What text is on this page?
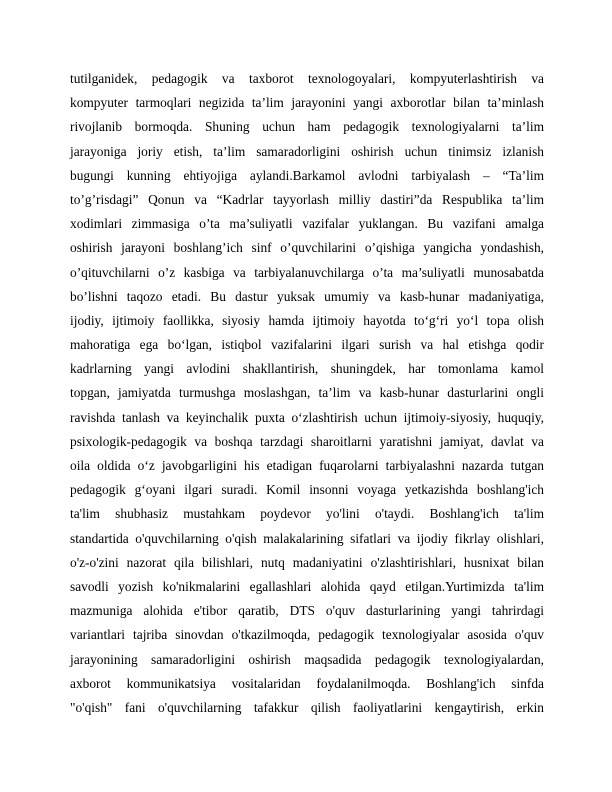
tutilganidek, pedagogik va taxborot texnologoyalari, kompyuterlashtirish va
kompyuter tarmoqlari negizida ta’lim jarayonini yangi axborotlar bilan ta’minlash
rivojlanib bormoqda. Shuning uchun ham pedagogik texnologiyalarni ta’lim
jarayoniga joriy etish, ta’lim samaradorligini oshirish uchun tinimsiz izlanish
bugungi kunning ehtiyojiga aylandi.Barkamol avlodni tarbiyalash – “Ta’lim
to’g’risdagi” Qonun va “Kadrlar tayyorlash milliy dastiri”da Respublika ta’lim
xodimlari zimmasiga o’ta ma’suliyatli vazifalar yuklangan. Bu vazifani amalga
oshirish jarayoni boshlang’ich sinf o’quvchilarini o’qishiga yangicha yondashish,
o’qituvchilarni o’z kasbiga va tarbiyalanuvchilarga o’ta ma’suliyatli munosabatda
bo’lishni taqozo etadi. Bu dastur yuksak umumiy va kasb-hunar madaniyatiga,
ijodiy, ijtimoiy faollikka, siyosiy hamda ijtimoiy hayotda to‘g‘ri yo‘l topa olish
mahoratiga ega bo‘lgan, istiqbol vazifalarini ilgari surish va hal etishga qodir
kadrlarning yangi avlodini shakllantirish, shuningdek, har tomonlama kamol
topgan, jamiyatda turmushga moslashgan, ta’lim va kasb-hunar dasturlarini ongli
ravishda tanlash va keyinchalik puxta o‘zlashtirish uchun ijtimoiy-siyosiy, huquqiy,
psixologik-pedagogik va boshqa tarzdagi sharoitlarni yaratishni jamiyat, davlat va
oila oldida o‘z javobgarligini his etadigan fuqarolarni tarbiyalashni nazarda tutgan
pedagogik g‘oyani ilgari suradi. Komil insonni voyaga yetkazishda boshlang'ich
ta'lim shubhasiz mustahkam poydevor yo'lini o'taydi. Boshlang'ich ta'lim
standartida o'quvchilarning o'qish malakalarining sifatlari va ijodiy fikrlay olishlari,
o'z-o'zini nazorat qila bilishlari, nutq madaniyatini o'zlashtirishlari, husnixat bilan
savodli yozish ko'nikmalarini egallashlari alohida qayd etilgan.Yurtimizda ta'lim
mazmuniga alohida e'tibor qaratib, DTS o'quv dasturlarining yangi tahrirdagi
variantlari tajriba sinovdan o'tkazilmoqda, pedagogik texnologiyalar asosida o'quv
jarayonining samaradorligini oshirish maqsadida pedagogik texnologiyalardan,
axborot kommunikatsiya vositalaridan foydalanilmoqda. Boshlang'ich sinfda
"o'qish" fani o'quvchilarning tafakkur qilish faoliyatlarini kengaytirish, erkin
